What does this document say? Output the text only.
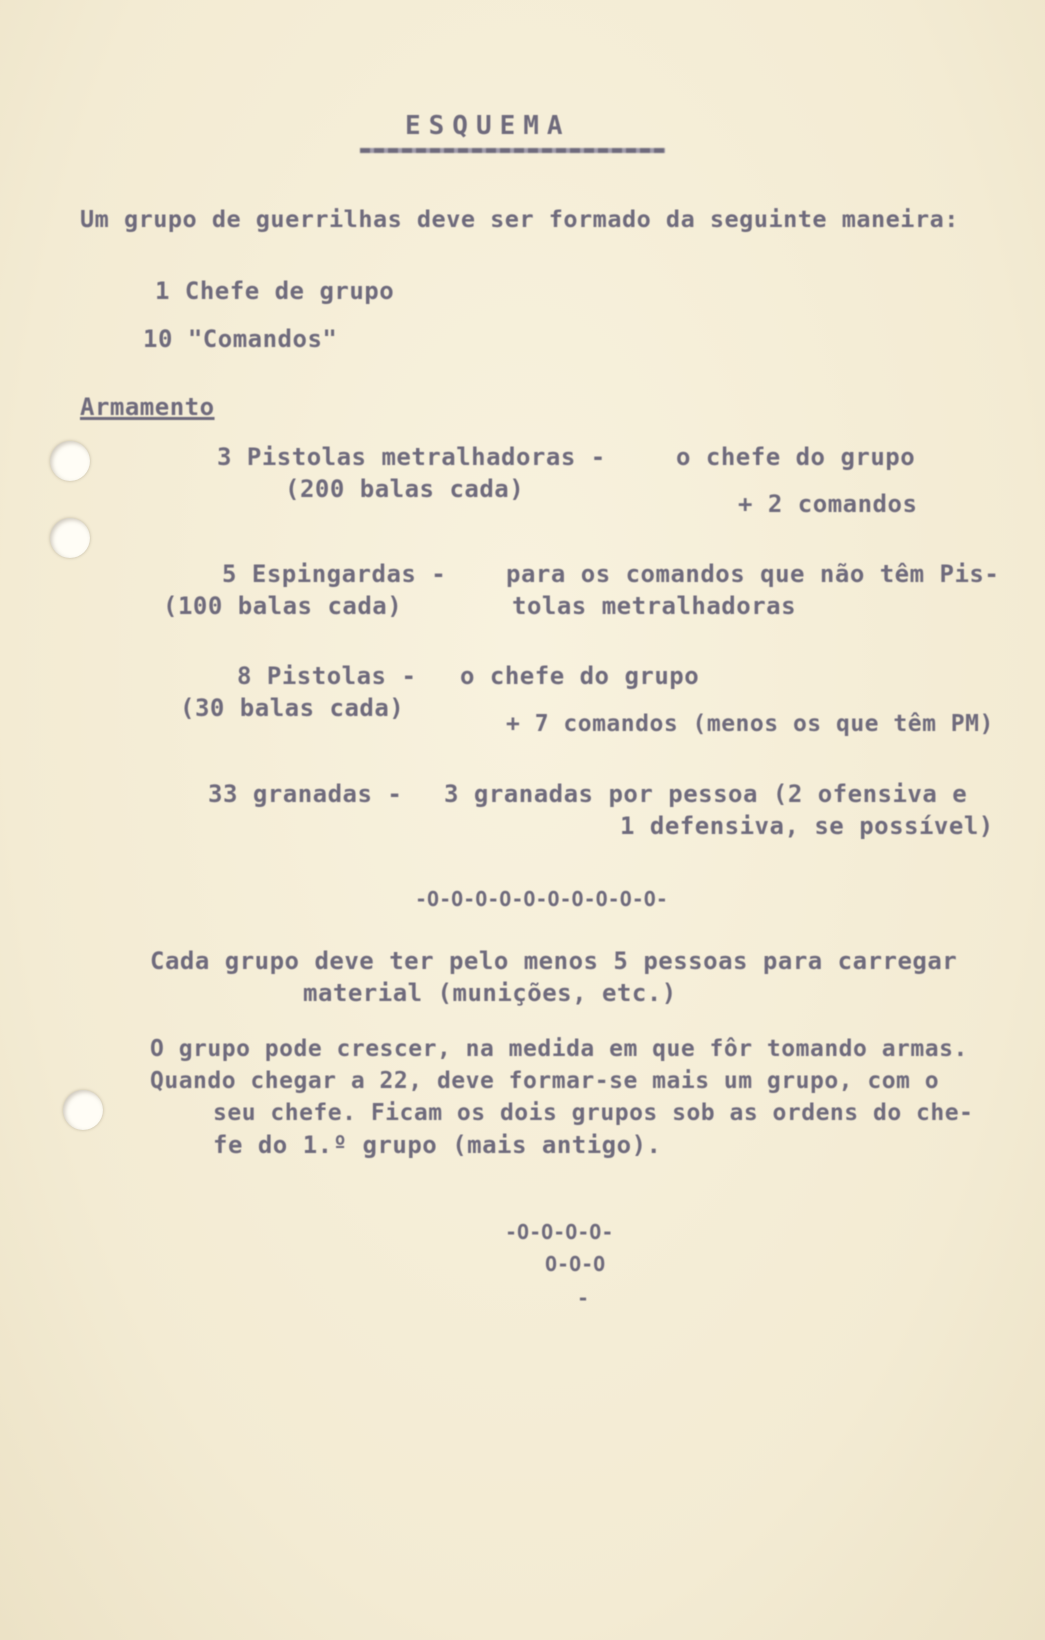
ESQUEMA
Um grupo de guerrilhas deve ser formado da seguinte maneira:
1 Chefe de grupo
10 "Comandos"
Armamento
3 Pistolas metralhadoras -
(200 balas cada)
o chefe do grupo
+ 2 comandos
5 Espingardas -
(100 balas cada)
para os comandos que não têm Pis-
tolas metralhadoras
8 Pistolas -
(30 balas cada)
o chefe do grupo
+ 7 comandos (menos os que têm PM)
33 granadas - 3 granadas por pessoa (2 ofensiva e
1 defensiva, se possível)
-O-O-O-O-O-O-O-O-O-O-
Cada grupo deve ter pelo menos 5 pessoas para carregar
material (munições, etc.)
O grupo pode crescer, na medida em que fôr tomando armas.
Quando chegar a 22, deve formar-se mais um grupo, com o
seu chefe. Ficam os dois grupos sob as ordens do che-
fe do 1.º grupo (mais antigo).
-O-O-O-O-
O-O-O
-
